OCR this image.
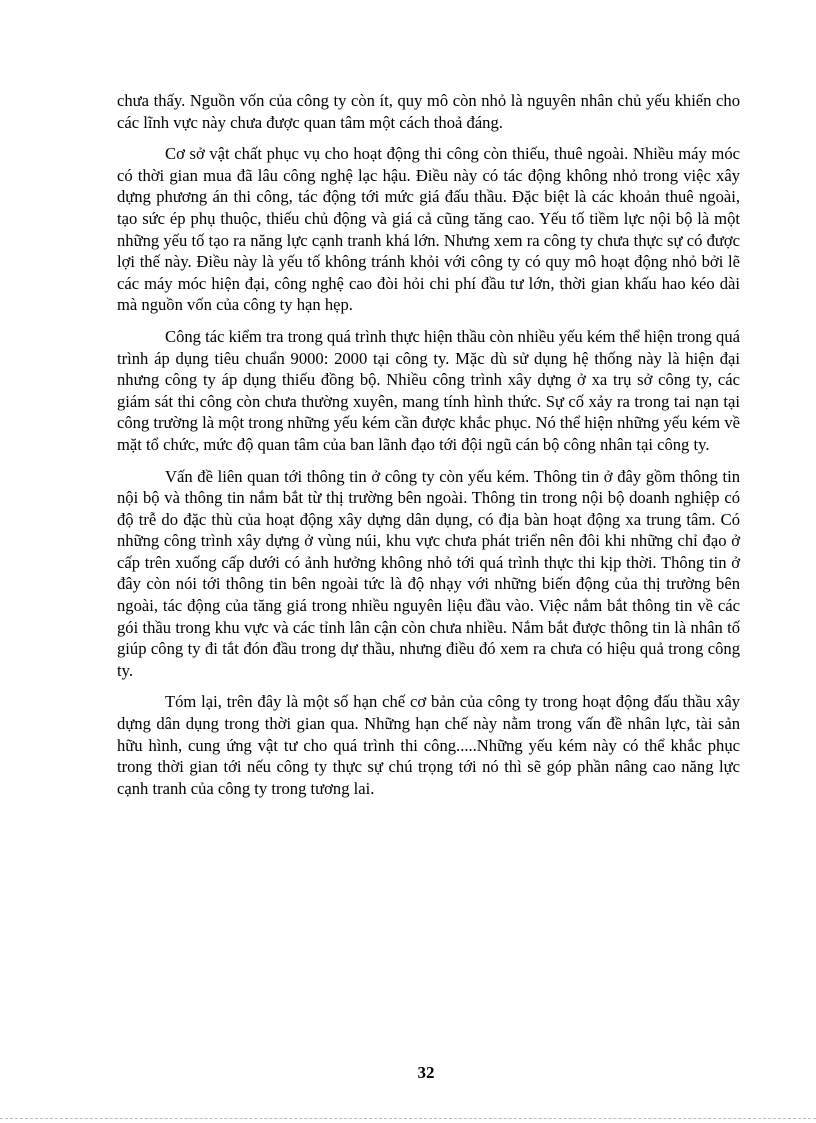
chưa thấy. Nguồn vốn của công ty còn ít, quy mô còn nhỏ là nguyên nhân chủ yếu khiến cho các lĩnh vực này chưa được quan tâm một cách thoả đáng.

Cơ sở vật chất phục vụ cho hoạt động thi công còn thiếu, thuê ngoài. Nhiều máy móc có thời gian mua đã lâu công nghệ lạc hậu. Điều này có tác động không nhỏ trong việc xây dựng phương án thi công, tác động tới mức giá đấu thầu. Đặc biệt là các khoản thuê ngoài, tạo sức ép phụ thuộc, thiếu chủ động và giá cả cũng tăng cao. Yếu tố tiềm lực nội bộ là một những yếu tố tạo ra năng lực cạnh tranh khá lớn. Nhưng xem ra công ty chưa thực sự có được lợi thế này. Điều này là yếu tố không tránh khỏi với công ty có quy mô hoạt động nhỏ bởi lẽ các máy móc hiện đại, công nghệ cao đòi hỏi chi phí đầu tư lớn, thời gian khấu hao kéo dài mà nguồn vốn của công ty hạn hẹp.

Công tác kiểm tra trong quá trình thực hiện thầu còn nhiều yếu kém thể hiện trong quá trình áp dụng tiêu chuẩn 9000: 2000 tại công ty. Mặc dù sử dụng hệ thống này là hiện đại nhưng công ty áp dụng thiếu đồng bộ. Nhiều công trình xây dựng ở xa trụ sở công ty, các giám sát thi công còn chưa thường xuyên, mang tính hình thức. Sự cố xảy ra trong tai nạn tại công trường là một trong những yếu kém cần được khắc phục. Nó thể hiện những yếu kém về mặt tổ chức, mức độ quan tâm của ban lãnh đạo tới đội ngũ cán bộ công nhân tại công ty.

Vấn đề liên quan tới thông tin ở công ty còn yếu kém. Thông tin ở đây gồm thông tin nội bộ và thông tin nắm bắt từ thị trường bên ngoài. Thông tin trong nội bộ doanh nghiệp có độ trễ do đặc thù của hoạt động xây dựng dân dụng, có địa bàn hoạt động xa trung tâm. Có những công trình xây dựng ở vùng núi, khu vực chưa phát triển nên đôi khi những chỉ đạo ở cấp trên xuống cấp dưới có ảnh hưởng không nhỏ tới quá trình thực thi kịp thời. Thông tin ở đây còn nói tới thông tin bên ngoài tức là độ nhạy với những biến động của thị trường bên ngoài, tác động của tăng giá trong nhiều nguyên liệu đầu vào. Việc nắm bắt thông tin về các gói thầu trong khu vực và các tỉnh lân cận còn chưa nhiều. Nắm bắt được thông tin là nhân tố giúp công ty đi tắt đón đầu trong dự thầu, nhưng điều đó xem ra chưa có hiệu quả trong công ty.

Tóm lại, trên đây là một số hạn chế cơ bản của công ty trong hoạt động đấu thầu xây dựng dân dụng trong thời gian qua. Những hạn chế này nằm trong vấn đề nhân lực, tài sản hữu hình, cung ứng vật tư cho quá trình thi công.....Những yếu kém này có thể khắc phục trong thời gian tới nếu công ty thực sự chú trọng tới nó thì sẽ góp phần nâng cao năng lực cạnh tranh của công ty trong tương lai.

32
